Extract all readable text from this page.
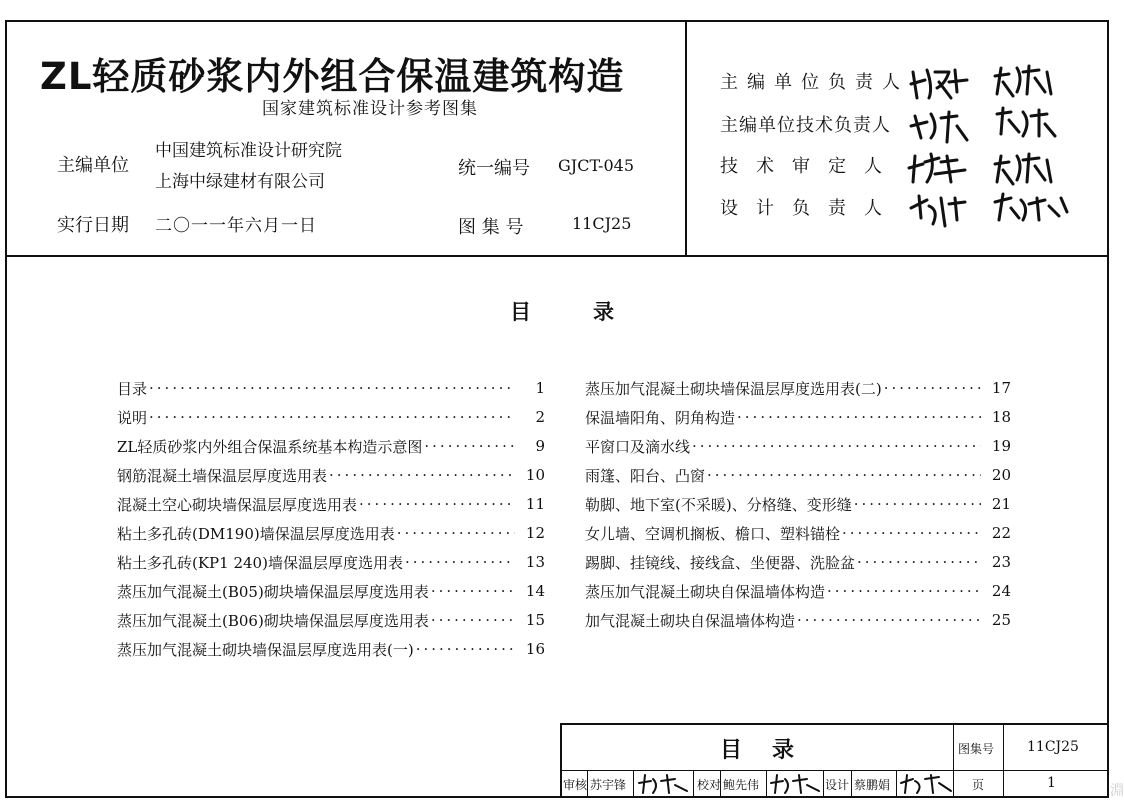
ZL轻质砂浆内外组合保温建筑构造
国家建筑标准设计参考图集
主编单位
中国建筑标准设计研究院
上海中绿建材有限公司
统一编号 GJCT-045
实行日期 二〇一一年六月一日	图 集 号	11CJ25
主编单位负责人
主编单位技术负责人
技术审定人
设计负责人
目录
目录 ·····	1
说明 ·····	2
ZL轻质砂浆内外组合保温系统基本构造示意图 ·····	9
钢筋混凝土墙保温层厚度选用表 ·····	10
混凝土空心砌块墙保温层厚度选用表 ·····	11
粘土多孔砖(DM190)墙保温层厚度选用表 ·····	12
粘土多孔砖(KP1 240)墙保温层厚度选用表 ·····	13
蒸压加气混凝土(B05)砌块墙保温层厚度选用表 ·····	14
蒸压加气混凝土(B06)砌块墙保温层厚度选用表 ·····	15
蒸压加气混凝土砌块墙保温层厚度选用表(一) ·····	16
蒸压加气混凝土砌块墙保温层厚度选用表(二) ·····	17
保温墙阳角、阴角构造 ·····	18
平窗口及滴水线 ·····	19
雨篷、阳台、凸窗 ·····	20
勒脚、地下室(不采暖)、分格缝、变形缝 ·····	21
女儿墙、空调机搁板、檐口、塑料锚栓 ·····	22
踢脚、挂镜线、接线盒、坐便器、洗脸盆 ·····	23
蒸压加气混凝土砌块自保温墙体构造 ·····	24
加气混凝土砌块自保温墙体构造 ·····	25
目录	图集号 11CJ25
审核 苏宇锋	校对 鲍先伟	设计 蔡鹏娟	页	1	淵
